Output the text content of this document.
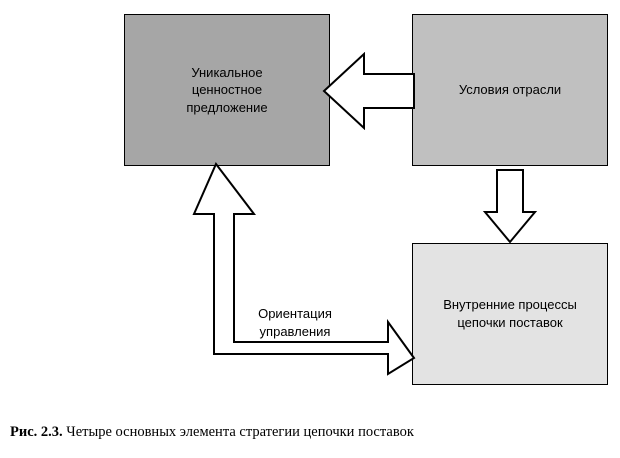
Уникальное
ценностное
предложение
Условия отрасли
Внутренние процессы
цепочки поставок
Ориентация
управления
Рис. 2.3. Четыре основных элемента стратегии цепочки поставок
